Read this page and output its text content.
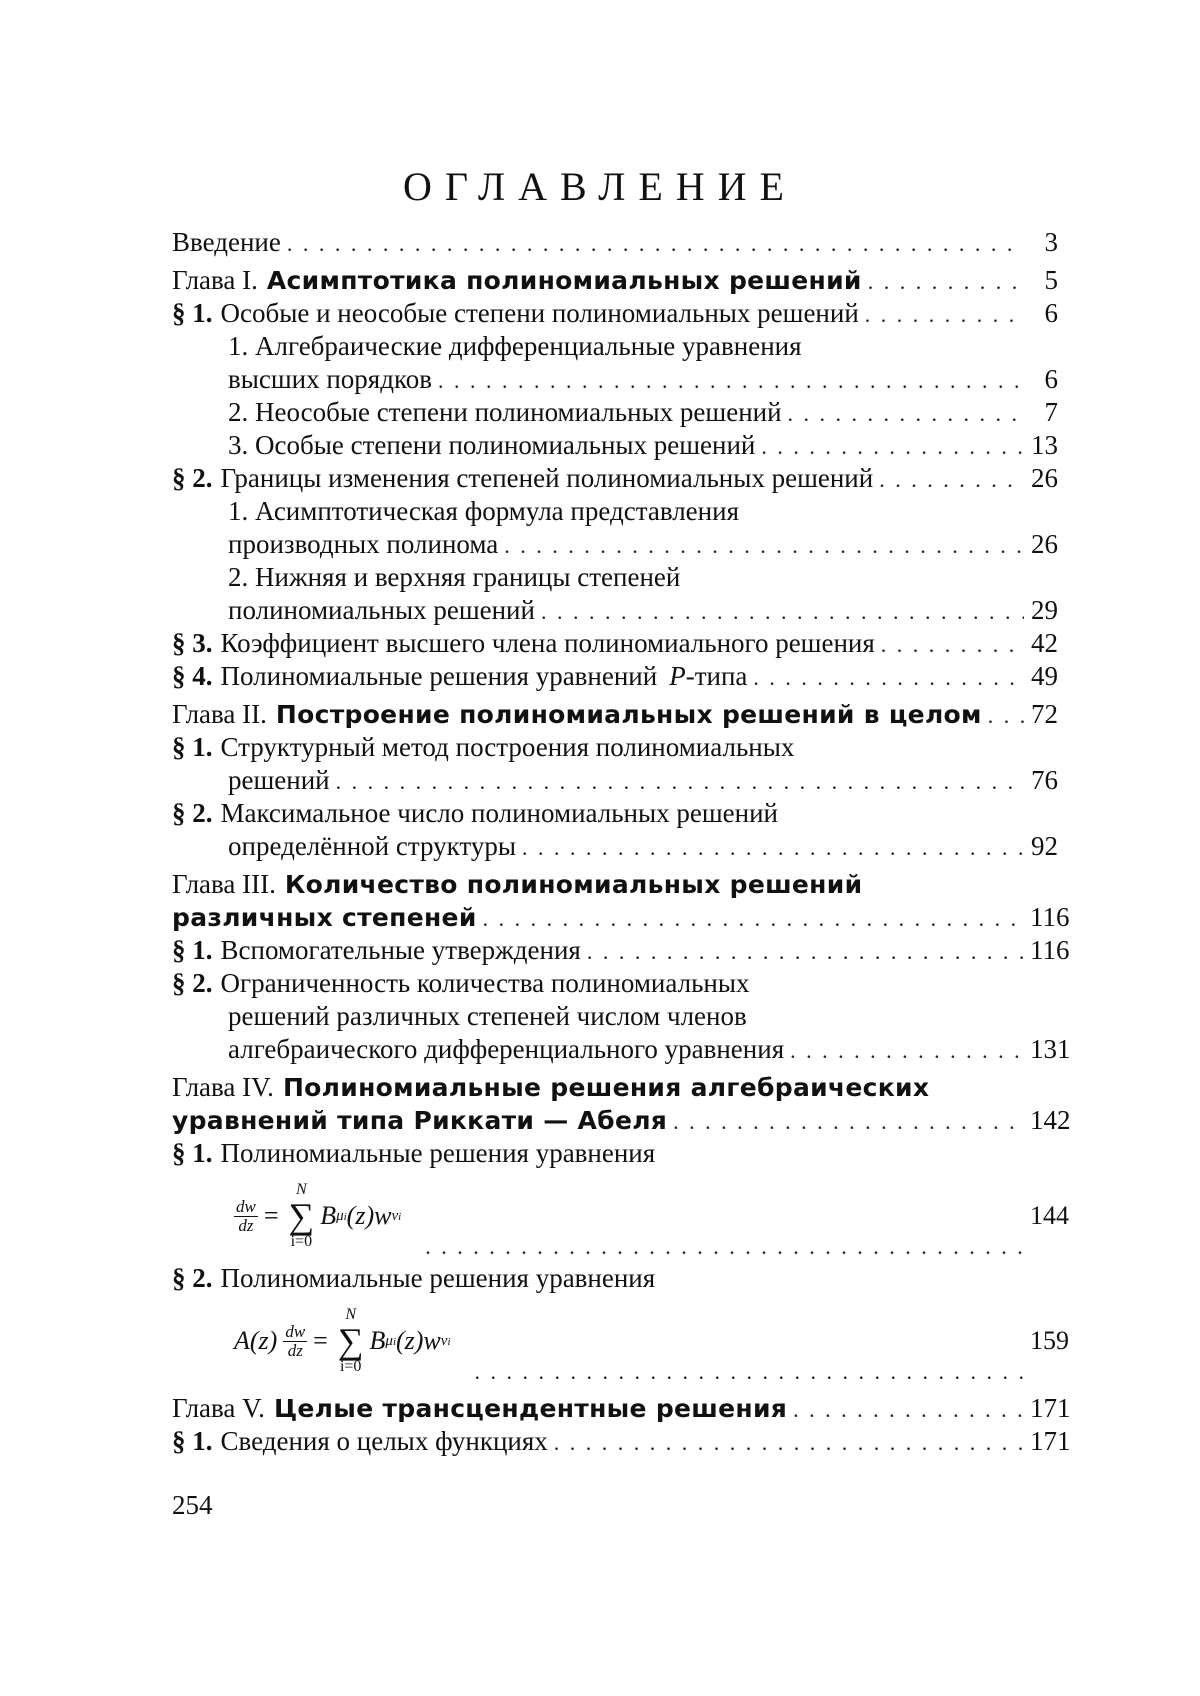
ОГЛАВЛЕНИЕ
Введение . . .	3
Глава I. Асимптотика полиномиальных решений . . .	5
§ 1. Особые и неособые степени полиномиальных решений . . .	6
1. Алгебраические дифференциальные уравнения
высших порядков . . .	6
2. Неособые степени полиномиальных решений . . .	7
3. Особые степени полиномиальных решений . . .	13
§ 2. Границы изменения степеней полиномиальных решений . . .	26
1. Асимптотическая формула представления
производных полинома . . .	26
2. Нижняя и верхняя границы степеней
полиномиальных решений . . .	29
§ 3. Коэффициент высшего члена полиномиального решения . . .	42
§ 4. Полиномиальные решения уравнений P -типа . . .	49
Глава II. Построение полиномиальных решений в целом . . . 72
§ 1. Структурный метод построения полиномиальных
решений . . .	76
§ 2. Максимальное число полиномиальных решений
определённой структуры . . .	92
Глава III. Количество полиномиальных решений
различных степеней . . .	116
§ 1. Вспомогательные утверждения . . .	116
§ 2. Ограниченность количества полиномиальных
решений различных степеней числом членов
алгебраического дифференциального уравнения . . .	131
Глава IV. Полиномиальные решения алгебраических
уравнений типа Риккати — Абеля . . .	142
§ 1. Полиномиальные решения уравнения
$\frac{dw}{dz}$ =
N
∑
i=0
B μi (z)w νi
. . .	144
§ 2. Полиномиальные решения уравнения
$A(z) \frac{dw}{dz}$ =
N
∑
i=0
B μi (z)w νi
. . .	159
Глава V. Целые трансцендентные решения . . .	171
§ 1. Сведения о целых функциях . . .	171
254
